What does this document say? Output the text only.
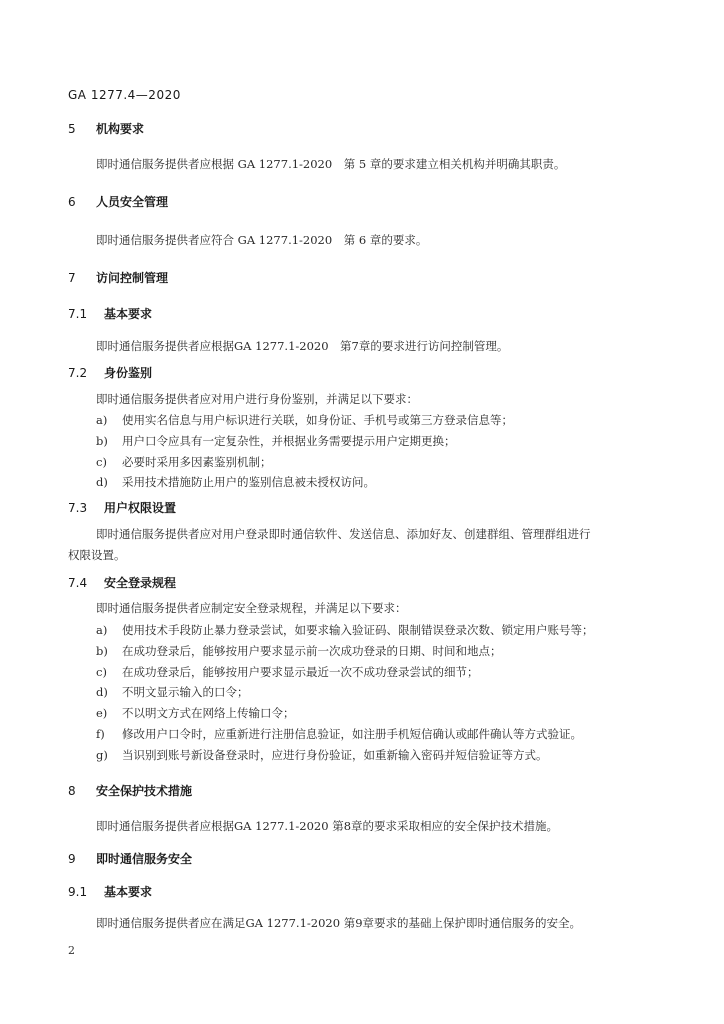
GA 1277.4—2020
5 机构要求
即时通信服务提供者应根据 GA 1277.1-2020　第 5 章的要求建立相关机构并明确其职责。
6 人员安全管理
即时通信服务提供者应符合 GA 1277.1-2020　第 6 章的要求。
7 访问控制管理
7.1 基本要求
即时通信服务提供者应根据GA 1277.1-2020　第7章的要求进行访问控制管理。
7.2 身份鉴别
即时通信服务提供者应对用户进行身份鉴别，并满足以下要求：
a) 使用实名信息与用户标识进行关联，如身份证、手机号或第三方登录信息等；
b) 用户口令应具有一定复杂性，并根据业务需要提示用户定期更换；
c) 必要时采用多因素鉴别机制；
d) 采用技术措施防止用户的鉴别信息被未授权访问。
7.3 用户权限设置
即时通信服务提供者应对用户登录即时通信软件、发送信息、添加好友、创建群组、管理群组进行
权限设置。
7.4 安全登录规程
即时通信服务提供者应制定安全登录规程，并满足以下要求：
a) 使用技术手段防止暴力登录尝试，如要求输入验证码、限制错误登录次数、锁定用户账号等；
b) 在成功登录后，能够按用户要求显示前一次成功登录的日期、时间和地点；
c) 在成功登录后，能够按用户要求显示最近一次不成功登录尝试的细节；
d) 不明文显示输入的口令；
e) 不以明文方式在网络上传输口令；
f) 修改用户口令时，应重新进行注册信息验证，如注册手机短信确认或邮件确认等方式验证。
g) 当识别到账号新设备登录时，应进行身份验证，如重新输入密码并短信验证等方式。
8 安全保护技术措施
即时通信服务提供者应根据GA 1277.1-2020 第8章的要求采取相应的安全保护技术措施。
9 即时通信服务安全
9.1 基本要求
即时通信服务提供者应在满足GA 1277.1-2020 第9章要求的基础上保护即时通信服务的安全。
2
